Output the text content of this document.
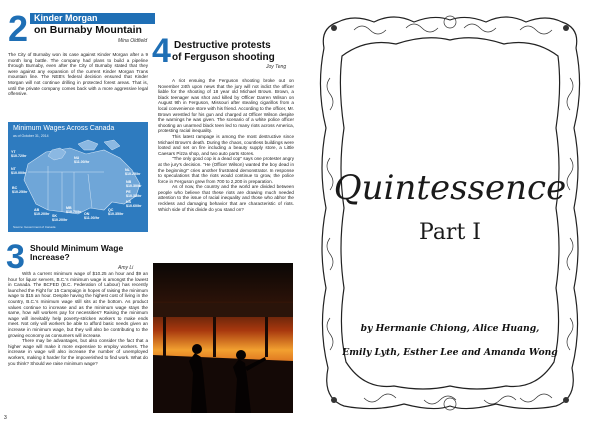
2 Kinder Morgan
on Burnaby Mountain
Mina Oldfield
The City of Burnaby won its case against Kinder Morgan after a 9 month long battle. The company had plans to build a pipeline through Burnaby, even after the City of Burnaby stated that they were against any expansion of the current Kinder Morgan Trans mountain line. The NEB's federal decision ensured that Kinder Morgan will not continue drilling in protected forest areas. That is, until the private company comes back with a more aggressive legal offensive.
Minimum Wages Across Canada
as of October 31, 2014
YT
$10.72/hr
NT
$10.00/hr
NU
$11.00/hr
BC
$10.25/hr
AB
$10.20/hr SK
$10.20/hr
MB
$10.70/hr ON
$11.00/hr
QC
$10.35/hr
NL
$10.25/hr
NB
$10.30/hr
PE
$10.35/hr
NS
$10.60/hr
Source: Government of Canada
3 Should Minimum Wage Increase?
Amy Li

With a current minimum wage of $10.25 an hour and $9 an hour for liquor servers, B.C.'s minimum wage is amongst the lowest in Canada. The BCFED (B.C. Federation of Labour) has recently launched the Fight for 15 Campaign in hopes of raising the minimum wage to $15 an hour. Despite having the highest cost of living in the country, B.C.'s minimum wage still sits at the bottom. As product values continue to increase and as the minimum wage stays the same, how will workers pay for necessities? Raising the minimum wage will inevitably help poverty-stricken workers to make ends meet. Not only will workers be able to afford basic needs given an increase in minimum wage, but they will also be contributing to the growing economy as consumers will increase.

There may be advantages, but also consider the fact that a higher wage will make it more expensive to employ workers. The increase in wage will also increase the number of unemployed workers, making it harder for the impoverished to find work. What do you think? Should we raise minimum wage?

4 Destructive protests
of Ferguson shooting
Joy Teng

A riot ensuing the Ferguson shooting broke out on November 24th upon news that the jury will not indict the officer liable for the shooting of 18 year old Michael Brown. Brown, a black teenager was shot and killed by Officer Darren Wilson on August 9th in Ferguson, Missouri after stealing cigarillos from a local convenience store with his friend. According to the officer, Mr. Brown wrestled for his gun and charged at Officer Wilson despite the warnings he was given. The scenario of a white police officer shooting an unarmed black teen led to many riots across America, protesting racial inequality.

This latest rampage is among the most destructive since Michael Brown's death. During the chaos, countless buildings were looted and set on fire including a beauty supply store, a Little Caesars Pizza shop, and two auto parts stores.

"The only good cop is a dead cop" says one protester angry at the jury's decision. "He (Officer Wilson) wanted the boy dead in the beginning!" cries another frustrated demonstrator. In response to speculations that the riots would continue to grow, the police force in Ferguson grew from 700 to 2,200 in preparation.

As of now, the country and the world are divided between people who believe that these riots are drawing much needed attention to the issue of racial inequality and those who abhor the reckless and damaging behavior that are characteristic of riots. Which side of this divide do you stand on?

3
Quintessence
Part I
by Hermanie Chiong, Alice Huang,
Emily Lyth, Esther Lee and Amanda Wong
